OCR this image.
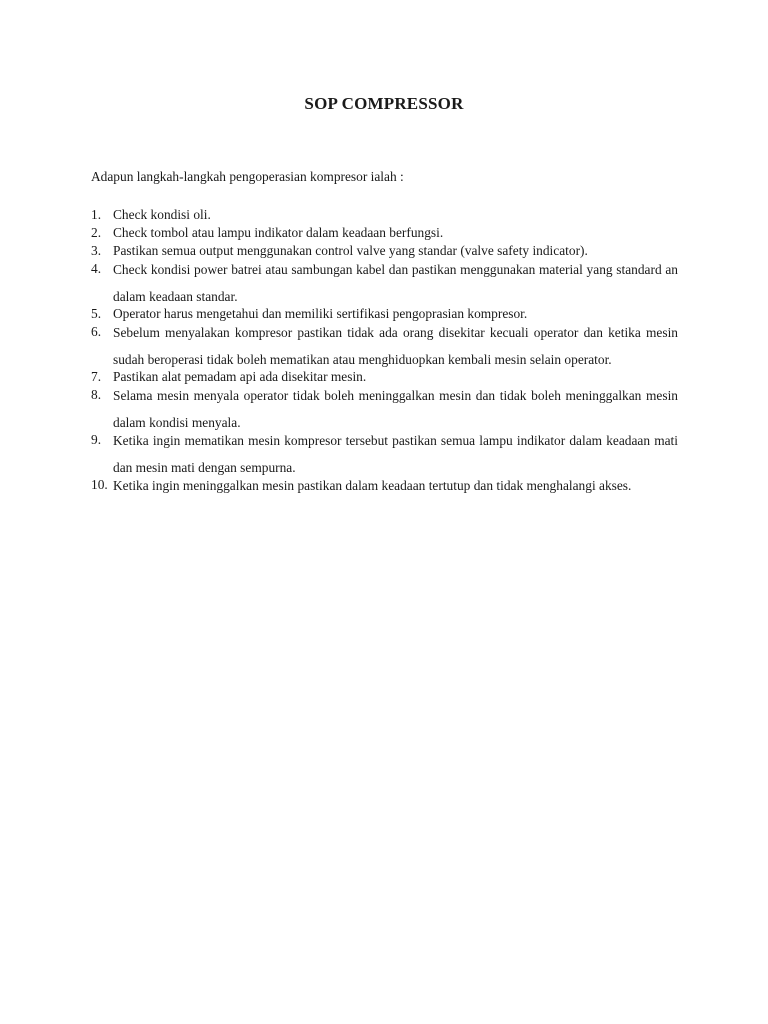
SOP COMPRESSOR

Adapun langkah-langkah pengoperasian kompresor ialah :

1. Check kondisi oli.
2. Check tombol atau lampu indikator dalam keadaan berfungsi.
3. Pastikan semua output menggunakan control valve yang standar (valve safety indicator).
4. Check kondisi power batrei atau sambungan kabel dan pastikan menggunakan material yang standard an dalam keadaan standar.
5. Operator harus mengetahui dan memiliki sertifikasi pengoprasian kompresor.
6. Sebelum menyalakan kompresor pastikan tidak ada orang disekitar kecuali operator dan ketika mesin sudah beroperasi tidak boleh mematikan atau menghiduopkan kembali mesin selain operator.
7. Pastikan alat pemadam api ada disekitar mesin.
8. Selama mesin menyala operator tidak boleh meninggalkan mesin dan tidak boleh meninggalkan mesin dalam kondisi menyala.
9. Ketika ingin mematikan mesin kompresor tersebut pastikan semua lampu indikator dalam keadaan mati dan mesin mati dengan sempurna.
10. Ketika ingin meninggalkan mesin pastikan dalam keadaan tertutup dan tidak menghalangi akses.
